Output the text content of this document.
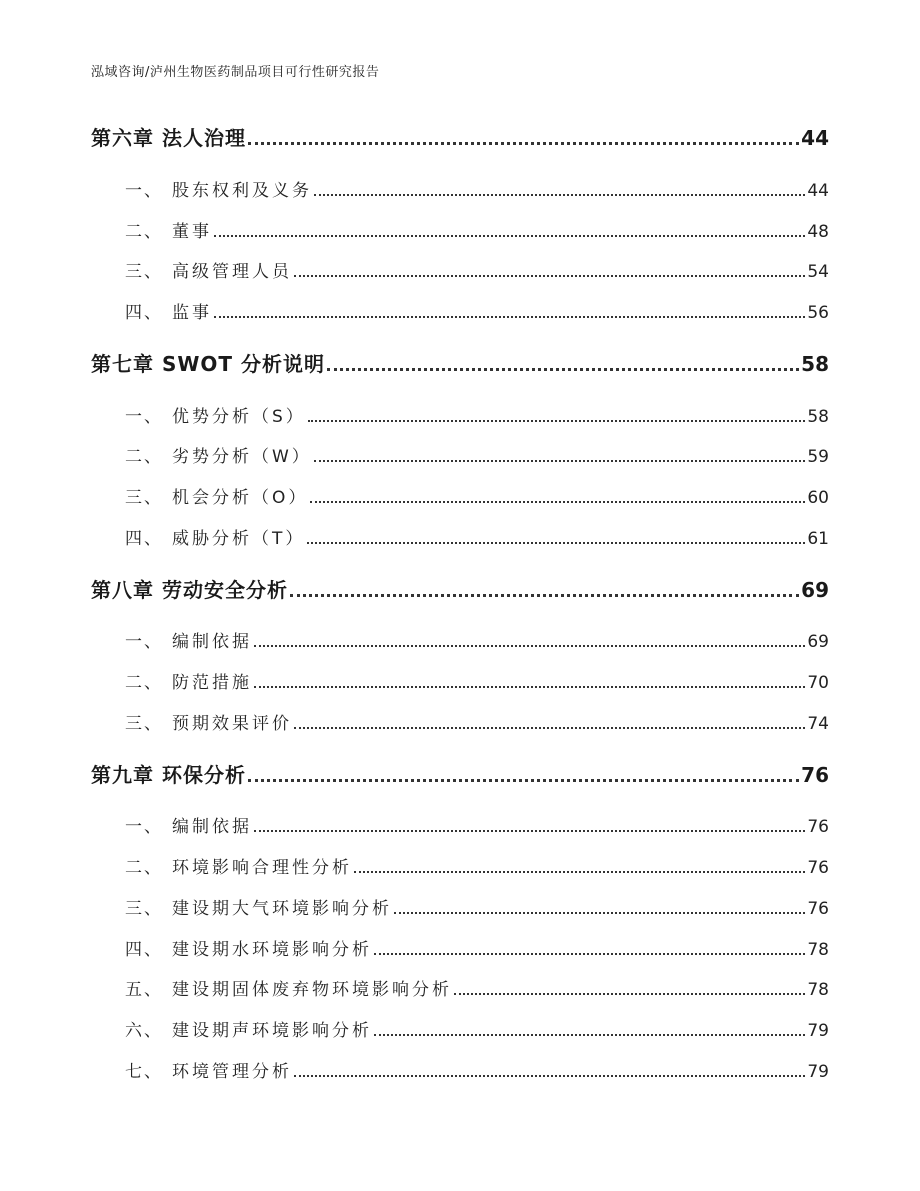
泓域咨询/泸州生物医药制品项目可行性研究报告
第六章 法人治理	44
一、 股东权利及义务	44
二、 董事	48
三、 高级管理人员	54
四、 监事	56
第七章 SWOT 分析说明	58
一、 优势分析（S）	58
二、 劣势分析（W）	59
三、 机会分析（O）	60
四、 威胁分析（T）	61
第八章 劳动安全分析	69
一、 编制依据	69
二、 防范措施	70
三、 预期效果评价	74
第九章 环保分析	76
一、 编制依据	76
二、 环境影响合理性分析	76
三、 建设期大气环境影响分析	76
四、 建设期水环境影响分析	78
五、 建设期固体废弃物环境影响分析	78
六、 建设期声环境影响分析	79
七、 环境管理分析	79
